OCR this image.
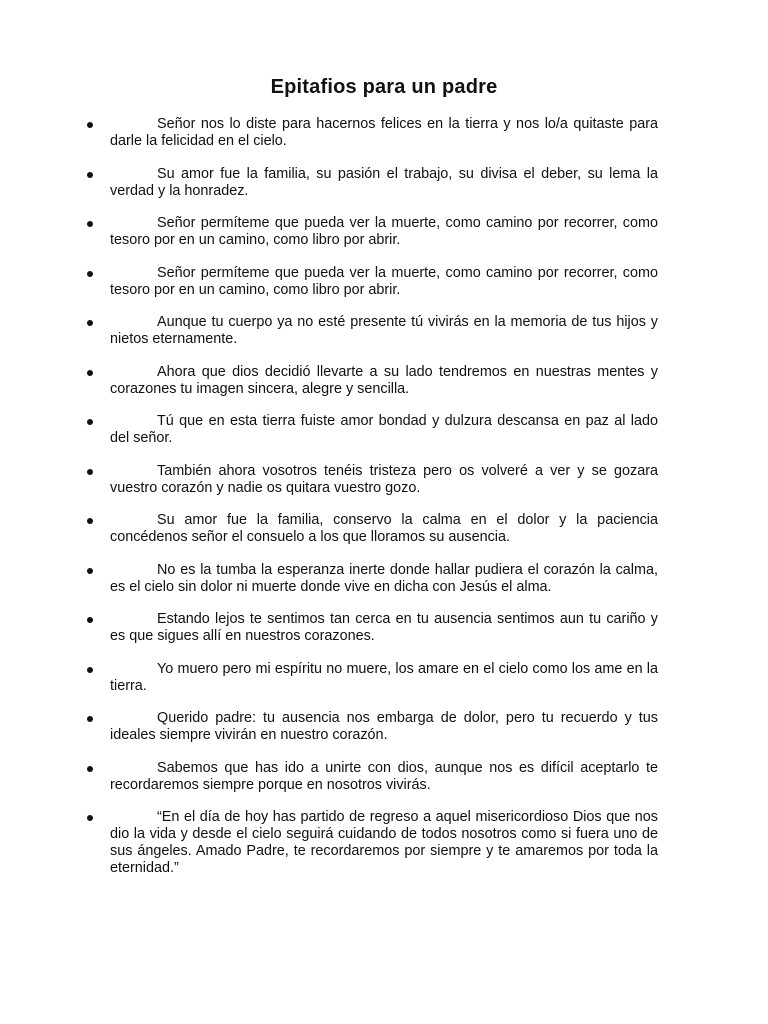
Epitafios para un padre
Señor nos lo diste para hacernos felices en la tierra y nos lo/a quitaste para darle la felicidad en el cielo.
Su amor fue la familia, su pasión el trabajo, su divisa el deber, su lema la verdad y la honradez.
Señor permíteme que pueda ver la muerte, como camino por recorrer, como tesoro por en un camino, como libro por abrir.
Señor permíteme que pueda ver la muerte, como camino por recorrer, como tesoro por en un camino, como libro por abrir.
Aunque tu cuerpo ya no esté presente tú vivirás en la memoria de tus hijos y nietos eternamente.
Ahora que dios decidió llevarte a su lado tendremos en nuestras mentes y corazones tu imagen sincera, alegre y sencilla.
Tú que en esta tierra fuiste amor bondad y dulzura descansa en paz al lado del señor.
También ahora vosotros tenéis tristeza pero os volveré a ver y se gozara vuestro corazón y nadie os quitara vuestro gozo.
Su amor fue la familia, conservo la calma en el dolor y la paciencia concédenos señor el consuelo a los que lloramos su ausencia.
No es la tumba la esperanza inerte donde hallar pudiera el corazón la calma, es el cielo sin dolor ni muerte donde vive en dicha con Jesús el alma.
Estando lejos te sentimos tan cerca en tu ausencia sentimos aun tu cariño y es que sigues allí en nuestros corazones.
Yo muero pero mi espíritu no muere, los amare en el cielo como los ame en la tierra.
Querido padre: tu ausencia nos embarga de dolor, pero tu recuerdo y tus ideales siempre vivirán en nuestro corazón.
Sabemos que has ido a unirte con dios, aunque nos es difícil aceptarlo te recordaremos siempre porque en nosotros vivirás.
“En el día de hoy has partido de regreso a aquel misericordioso Dios que nos dio la vida y desde el cielo seguirá cuidando de todos nosotros como si fuera uno de sus ángeles. Amado Padre, te recordaremos por siempre y te amaremos por toda la eternidad.”
